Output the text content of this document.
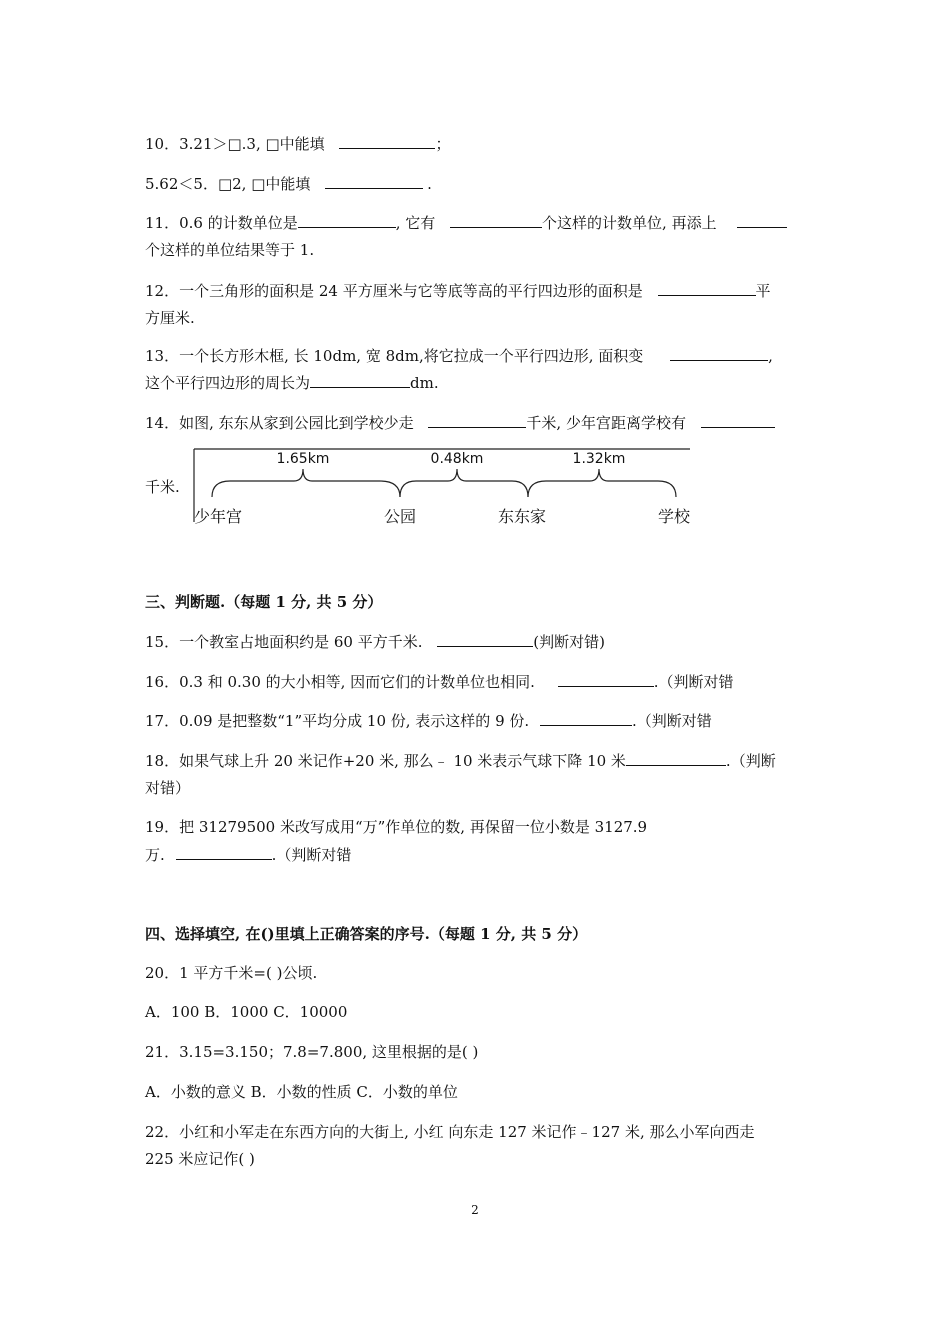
10．3.21＞□.3, □中能填	；
5.62＜5．□2, □中能填	.
11．0.6 的计数单位是	, 它有	个这样的计数单位, 再添上
个这样的单位结果等于 1.
12．一个三角形的面积是 24 平方厘米与它等底等高的平行四边形的面积是	平
方厘米.
13．一个长方形木框, 长 10dm, 宽 8dm,将它拉成一个平行四边形, 面积变	,
这个平行四边形的周长为	dm.
14．如图, 东东从家到公园比到学校少走	千米, 少年宫距离学校有
千米.
1.65km	0.48km	1.32km
少年宫	公园	东东家	学校
三、判断题.（每题 1 分, 共 5 分）
15．一个教室占地面积约是 60 平方千米.	(判断对错)
16．0.3 和 0.30 的大小相等, 因而它们的计数单位也相同.	.（判断对错
17．0.09 是把整数“1”平均分成 10 份, 表示这样的 9 份.	.（判断对错
18．如果气球上升 20 米记作+20 米, 那么﹣ 10 米表示气球下降 10 米	.（判断
对错）
19．把 31279500 米改写成用“万”作单位的数, 再保留一位小数是 3127.9
万.	.（判断对错
四、选择填空, 在()里填上正确答案的序号.（每题 1 分, 共 5 分）
20．1 平方千米=( )公顷.
A．100 B．1000 C．10000
21．3.15=3.150；7.8=7.800, 这里根据的是( )
A．小数的意义 B．小数的性质 C．小数的单位
22．小红和小军走在东西方向的大街上, 小红 向东走 127 米记作﹣127 米, 那么小军向西走
225 米应记作( )
2
